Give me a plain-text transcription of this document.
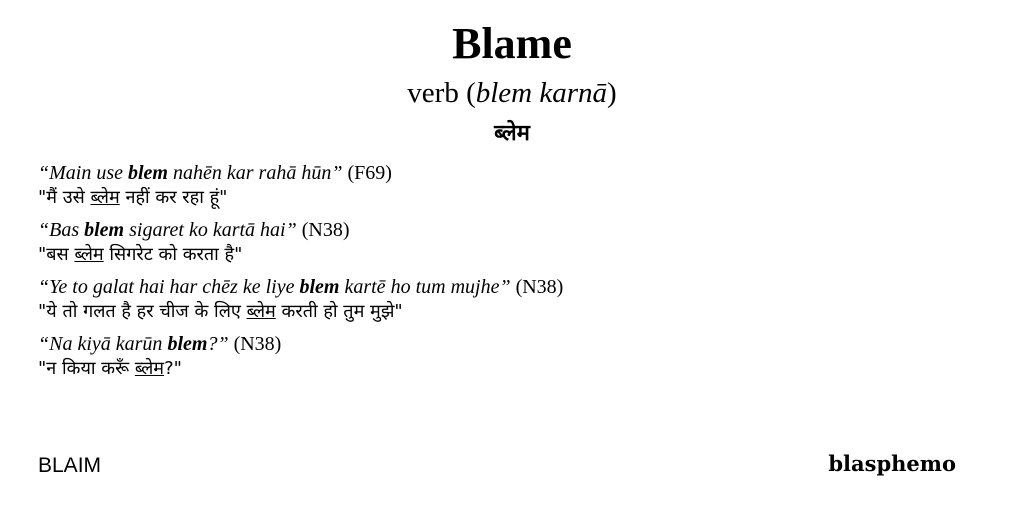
Blame
verb (blem karnā)
ब्लेम
“Main use blem nahēn kar rahā hūn” (F69)
"मैं उसे ब्लेम नहीं कर रहा हूं"
“Bas blem sigaret ko kartā hai” (N38)
"बस ब्लेम सिगरेट को करता है"
“Ye to galat hai har chēz ke liye blem kartē ho tum mujhe” (N38)
"ये तो गलत है हर चीज के लिए ब्लेम करती हो तुम मुझे"
“Na kiyā karūn blem?” (N38)
"न किया करूँ ब्लेम?"
BLAIM	blasphemo
